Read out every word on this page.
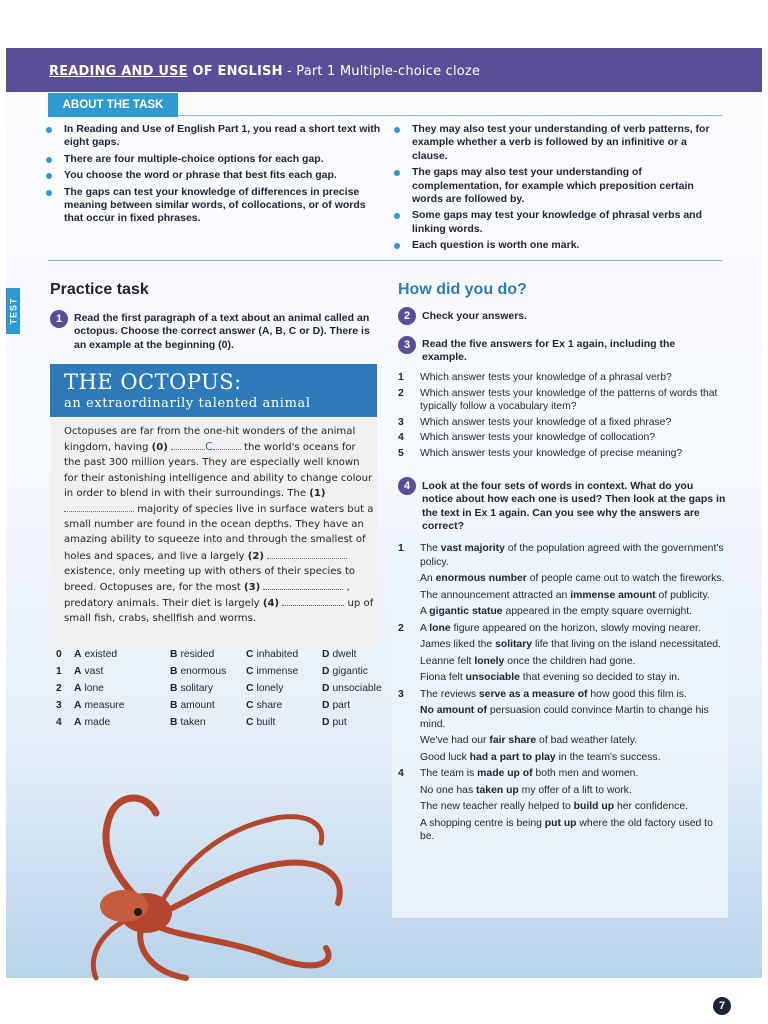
READING AND USE OF ENGLISH - Part 1 Multiple-choice cloze
ABOUT THE TASK
In Reading and Use of English Part 1, you read a short text with eight gaps.
There are four multiple-choice options for each gap.
You choose the word or phrase that best fits each gap.
The gaps can test your knowledge of differences in precise meaning between similar words, of collocations, or of words that occur in fixed phrases.
They may also test your understanding of verb patterns, for example whether a verb is followed by an infinitive or a clause.
The gaps may also test your understanding of complementation, for example which preposition certain words are followed by.
Some gaps may test your knowledge of phrasal verbs and linking words.
Each question is worth one mark.
TEST
Practice task
1	Read the first paragraph of a text about an animal called an octopus. Choose the correct answer (A, B, C or D). There is an example at the beginning (0).
THE OCTOPUS:
an extraordinarily talented animal
Octopuses are far from the one-hit wonders of the animal kingdom, having (0)	C	the world's oceans for the past 300 million years. They are especially well known for their astonishing intelligence and ability to change colour in order to blend in with their surroundings. The (1)  majority of species live in surface waters but a small number are found in the ocean depths. They have an amazing ability to squeeze into and through the smallest of holes and spaces, and live a largely (2)  existence, only meeting up with others of their species to breed. Octopuses are, for the most (3)	, predatory animals. Their diet is largely (4)	up of small fish, crabs, shellfish and worms.
0	A existed	B resided	C inhabited	D dwelt
1	A vast	B enormous	C immense	D gigantic
2	A lone	B solitary	C lonely	D unsociable
3	A measure	B amount	C share	D part
4	A made	B taken	C built	D put
How did you do?
2	Check your answers.
3	Read the five answers for Ex 1 again, including the example.
1 Which answer tests your knowledge of a phrasal verb?
2 Which answer tests your knowledge of the patterns of words that typically follow a vocabulary item?
3 Which answer tests your knowledge of a fixed phrase?
4 Which answer tests your knowledge of collocation?
5 Which answer tests your knowledge of precise meaning?
4	Look at the four sets of words in context. What do you notice about how each one is used? Then look at the gaps in the text in Ex 1 again. Can you see why the answers are correct?
1 The vast majority of the population agreed with the government's policy.
An enormous number of people came out to watch the fireworks.
The announcement attracted an immense amount of publicity.
A gigantic statue appeared in the empty square overnight.
2 A lone figure appeared on the horizon, slowly moving nearer.
James liked the solitary life that living on the island necessitated.
Leanne felt lonely once the children had gone.
Fiona felt unsociable that evening so decided to stay in.
3 The reviews serve as a measure of how good this film is.
No amount of persuasion could convince Martin to change his mind.
We've had our fair share of bad weather lately.
Good luck had a part to play in the team's success.
4 The team is made up of both men and women.
No one has taken up my offer of a lift to work.
The new teacher really helped to build up her confidence.
A shopping centre is being put up where the old factory used to be.
7
